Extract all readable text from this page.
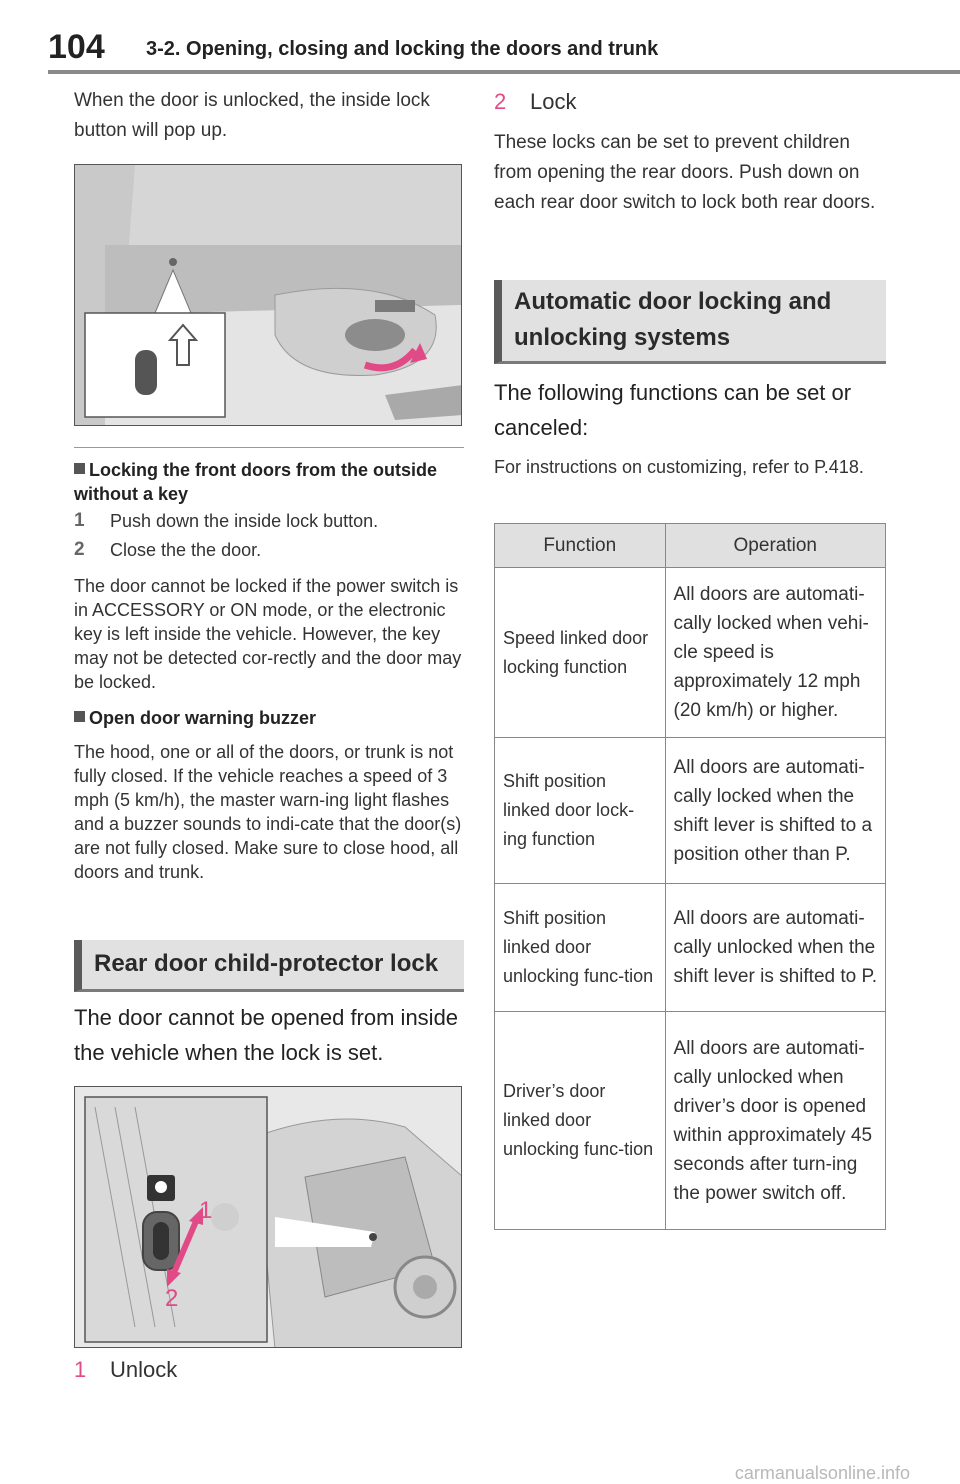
104 3-2. Opening, closing and locking the doors and trunk
When the door is unlocked, the inside lock button will pop up.
Locking the front doors from the outside without a key
1	Push down the inside lock button.
2	Close the the door.
The door cannot be locked if the power switch is in ACCESSORY or ON mode, or the electronic key is left inside the vehicle. However, the key may not be detected cor-rectly and the door may be locked.
Open door warning buzzer
The hood, one or all of the doors, or trunk is not fully closed. If the vehicle reaches a speed of 3 mph (5 km/h), the master warn-ing light flashes and a buzzer sounds to indi-cate that the door(s) are not fully closed. Make sure to close hood, all doors and trunk.
Rear door child-protector lock
The door cannot be opened from inside the vehicle when the lock is set.
1
2
1	Unlock
2	Lock
These locks can be set to prevent children from opening the rear doors. Push down on each rear door switch to lock both rear doors.
Automatic door locking and
unlocking systems
The following functions can be set or canceled:
For instructions on customizing, refer to P.418.
Function	Operation
Speed linked door locking function	All doors are automati-cally locked when vehi-cle speed is approximately 12 mph (20 km/h) or higher.
Shift position linked door lock-ing function	All doors are automati-cally locked when the shift lever is shifted to a position other than P.
Shift position linked door unlocking func-tion	All doors are automati-cally unlocked when the shift lever is shifted to P.
Driver’s door linked door unlocking func-tion	All doors are automati-cally unlocked when driver’s door is opened within approximately 45 seconds after turn-ing the power switch off.
carmanualsonline.info
